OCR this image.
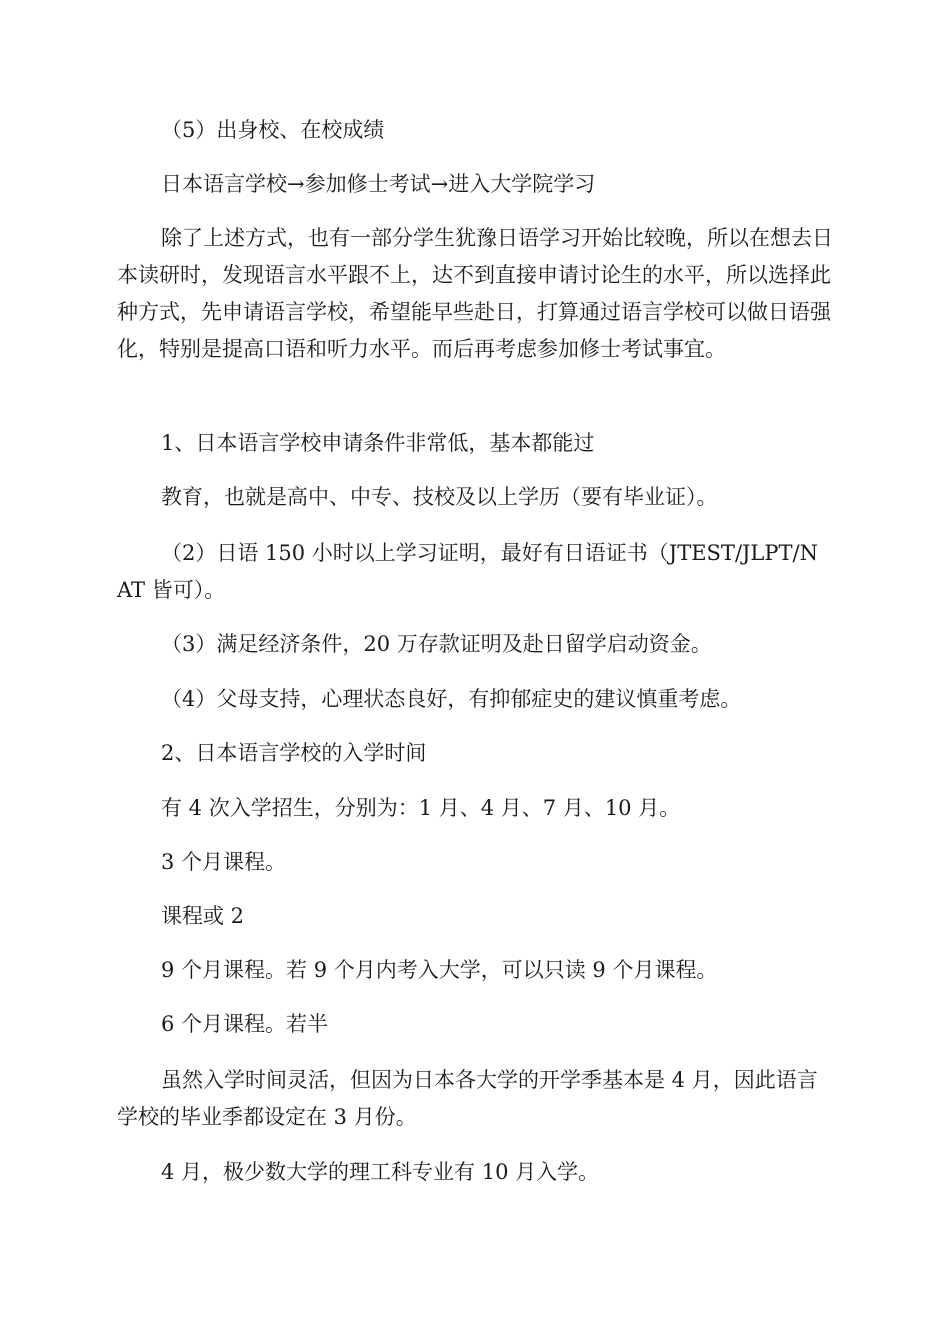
（5）出身校、在校成绩

日本语言学校→参加修士考试→进入大学院学习

除了上述方式，也有一部分学生犹豫日语学习开始比较晚，所以在想去日本读研时，发现语言水平跟不上，达不到直接申请讨论生的水平，所以选择此种方式，先申请语言学校，希望能早些赴日，打算通过语言学校可以做日语强化，特别是提高口语和听力水平。而后再考虑参加修士考试事宜。

1、日本语言学校申请条件非常低，基本都能过

教育，也就是高中、中专、技校及以上学历（要有毕业证）。

（2）日语 150 小时以上学习证明，最好有日语证书（JTEST/JLPT/NAT 皆可）。

（3）满足经济条件，20 万存款证明及赴日留学启动资金。

（4）父母支持，心理状态良好，有抑郁症史的建议慎重考虑。

2、日本语言学校的入学时间

有 4 次入学招生，分别为：1 月、4 月、7 月、10 月。

3 个月课程。

课程或 2

9 个月课程。若 9 个月内考入大学，可以只读 9 个月课程。

6 个月课程。若半

虽然入学时间灵活，但因为日本各大学的开学季基本是 4 月，因此语言学校的毕业季都设定在 3 月份。

4 月，极少数大学的理工科专业有 10 月入学。
